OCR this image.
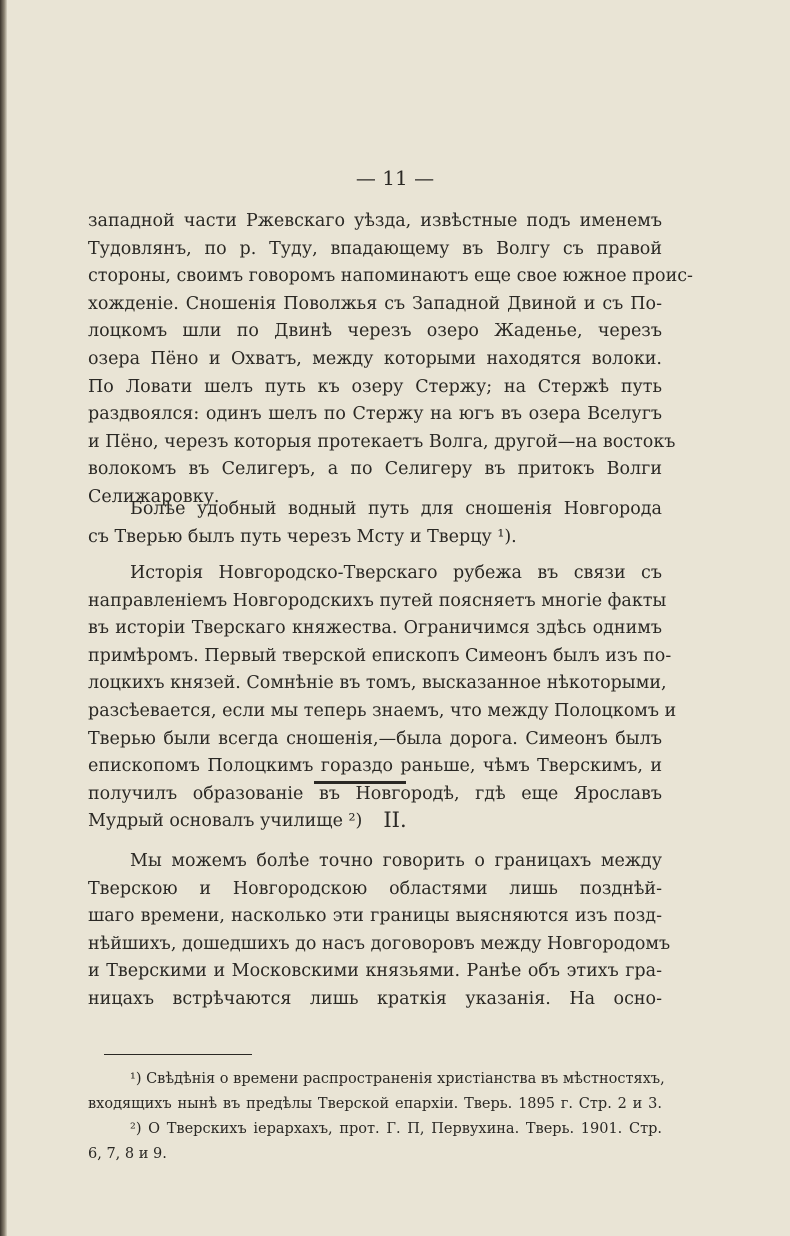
— 11 —
западной части Ржевскаго уѣзда, извѣстные подъ именемъ
Тудовлянъ, по р. Туду, впадающему въ Волгу съ правой
стороны, своимъ говоромъ напоминаютъ еще свое южное проис-
хожденіе. Сношенія Поволжья съ Западной Двиной и съ По-
лоцкомъ шли по Двинѣ черезъ озеро Жаденье, черезъ
озера Пёно и Охватъ, между которыми находятся волоки.
По Ловати шелъ путь къ озеру Стержу; на Стержѣ путь
раздвоялся: одинъ шелъ по Стержу на югъ въ озера Вселугъ
и Пёно, черезъ которыя протекаетъ Волга, другой—на востокъ
волокомъ въ Селигеръ, а по Селигеру въ притокъ Волги
Селижаровку.
Болѣе удобный водный путь для сношенія Новгорода
съ Тверью былъ путь черезъ Мсту и Тверцу ¹).
Исторія Новгородско-Тверскаго рубежа въ связи съ
направленіемъ Новгородскихъ путей поясняетъ многіе факты
въ исторіи Тверскаго княжества. Ограничимся здѣсь однимъ
примѣромъ. Первый тверской епископъ Симеонъ былъ изъ по-
лоцкихъ князей. Сомнѣніе въ томъ, высказанное нѣкоторыми,
разсѣевается, если мы теперь знаемъ, что между Полоцкомъ и
Тверью были всегда сношенія,—была дорога. Симеонъ былъ
епископомъ Полоцкимъ гораздо раньше, чѣмъ Тверскимъ, и
получилъ образованіе въ Новгородѣ, гдѣ еще Ярославъ
Мудрый основалъ училище ²)	II.
Мы можемъ болѣе точно говорить о границахъ между
Тверскою и Новгородскою областями лишь позднѣй-
шаго времени, насколько эти границы выясняются изъ позд-
нѣйшихъ, дошедшихъ до насъ договоровъ между Новгородомъ
и Тверскими и Московскими князьями. Ранѣе объ этихъ гра-
ницахъ встрѣчаются лишь краткія указанія. На осно-
¹) Свѣдѣнія о времени распространенія христіанства въ мѣстностяхъ,
входящихъ нынѣ въ предѣлы Тверской епархіи. Тверь. 1895 г. Стр. 2 и 3.
²) О Тверскихъ іерархахъ, прот. Г. П, Первухина. Тверь. 1901. Стр.
6, 7, 8 и 9.
